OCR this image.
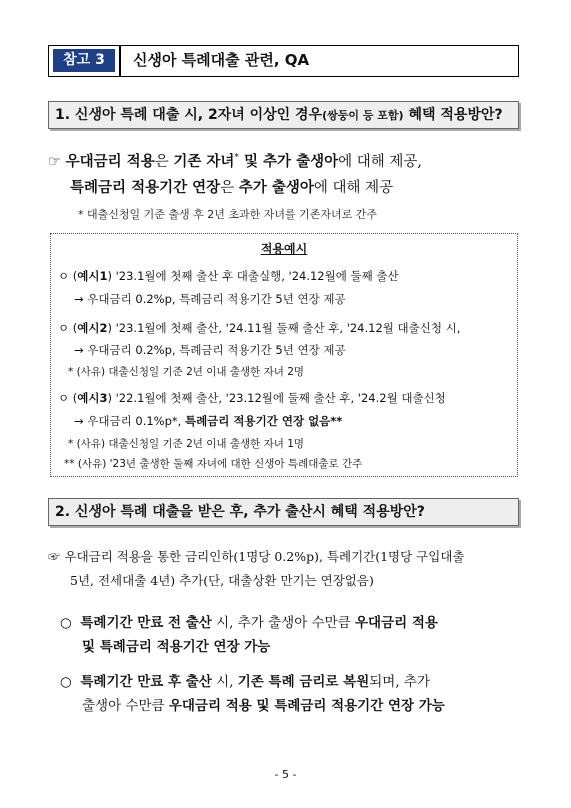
참고 3	신생아 특례대출 관련, QA
1. 신생아 특례 대출 시, 2자녀 이상인 경우(쌍둥이 등 포함) 혜택 적용방안?
☞ 우대금리 적용은 기존 자녀* 및 추가 출생아에 대해 제공,
특례금리 적용기간 연장은 추가 출생아에 대해 제공
* 대출신청일 기준 출생 후 2년 초과한 자녀를 기존자녀로 간주
적용예시
ㅇ (예시1) '23.1월에 첫째 출산 후 대출실행, '24.12월에 둘째 출산
→ 우대금리 0.2%p, 특례금리 적용기간 5년 연장 제공
ㅇ (예시2) '23.1월에 첫째 출산, '24.11월 둘째 출산 후, '24.12월 대출신청 시,
→ 우대금리 0.2%p, 특례금리 적용기간 5년 연장 제공
* (사유) 대출신청일 기준 2년 이내 출생한 자녀 2명
ㅇ (예시3) '22.1월에 첫째 출산, '23.12월에 둘째 출산 후, '24.2월 대출신청
→ 우대금리 0.1%p*, 특례금리 적용기간 연장 없음**
* (사유) 대출신청일 기준 2년 이내 출생한 자녀 1명
** (사유) '23년 출생한 둘째 자녀에 대한 신생아 특례대출로 간주
2. 신생아 특례 대출을 받은 후, 추가 출산시 혜택 적용방안?
☞ 우대금리 적용을 통한 금리인하(1명당 0.2%p), 특례기간(1명당 구입대출
5년, 전세대출 4년) 추가(단, 대출상환 만기는 연장없음)
○ 특례기간 만료 전 출산 시, 추가 출생아 수만큼 우대금리 적용
및 특례금리 적용기간 연장 가능
○ 특례기간 만료 후 출산 시, 기존 특례 금리로 복원되며, 추가
출생아 수만큼 우대금리 적용 및 특례금리 적용기간 연장 가능
- 5 -
